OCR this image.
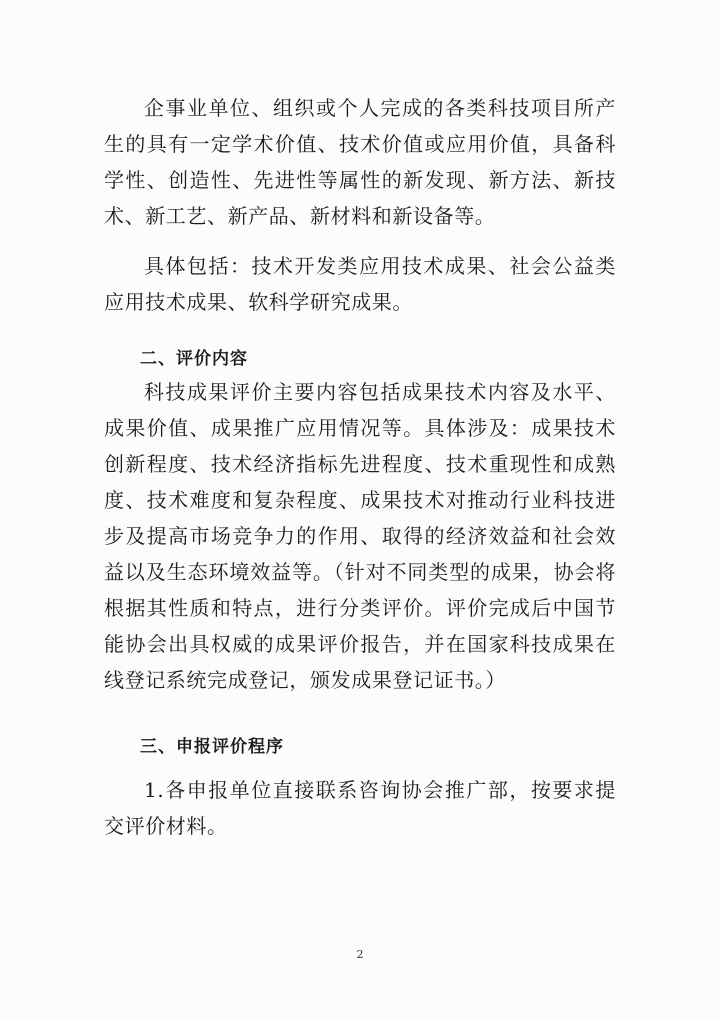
企事业单位、组织或个人完成的各类科技项目所产生的具有一定学术价值、技术价值或应用价值，具备科学性、创造性、先进性等属性的新发现、新方法、新技术、新工艺、新产品、新材料和新设备等。

具体包括：技术开发类应用技术成果、社会公益类应用技术成果、软科学研究成果。

二、评价内容

科技成果评价主要内容包括成果技术内容及水平、成果价值、成果推广应用情况等。具体涉及：成果技术创新程度、技术经济指标先进程度、技术重现性和成熟度、技术难度和复杂程度、成果技术对推动行业科技进步及提高市场竞争力的作用、取得的经济效益和社会效益以及生态环境效益等。（针对不同类型的成果，协会将根据其性质和特点，进行分类评价。评价完成后中国节能协会出具权威的成果评价报告，并在国家科技成果在线登记系统完成登记，颁发成果登记证书。）

三、申报评价程序

1.各申报单位直接联系咨询协会推广部，按要求提交评价材料。

2
